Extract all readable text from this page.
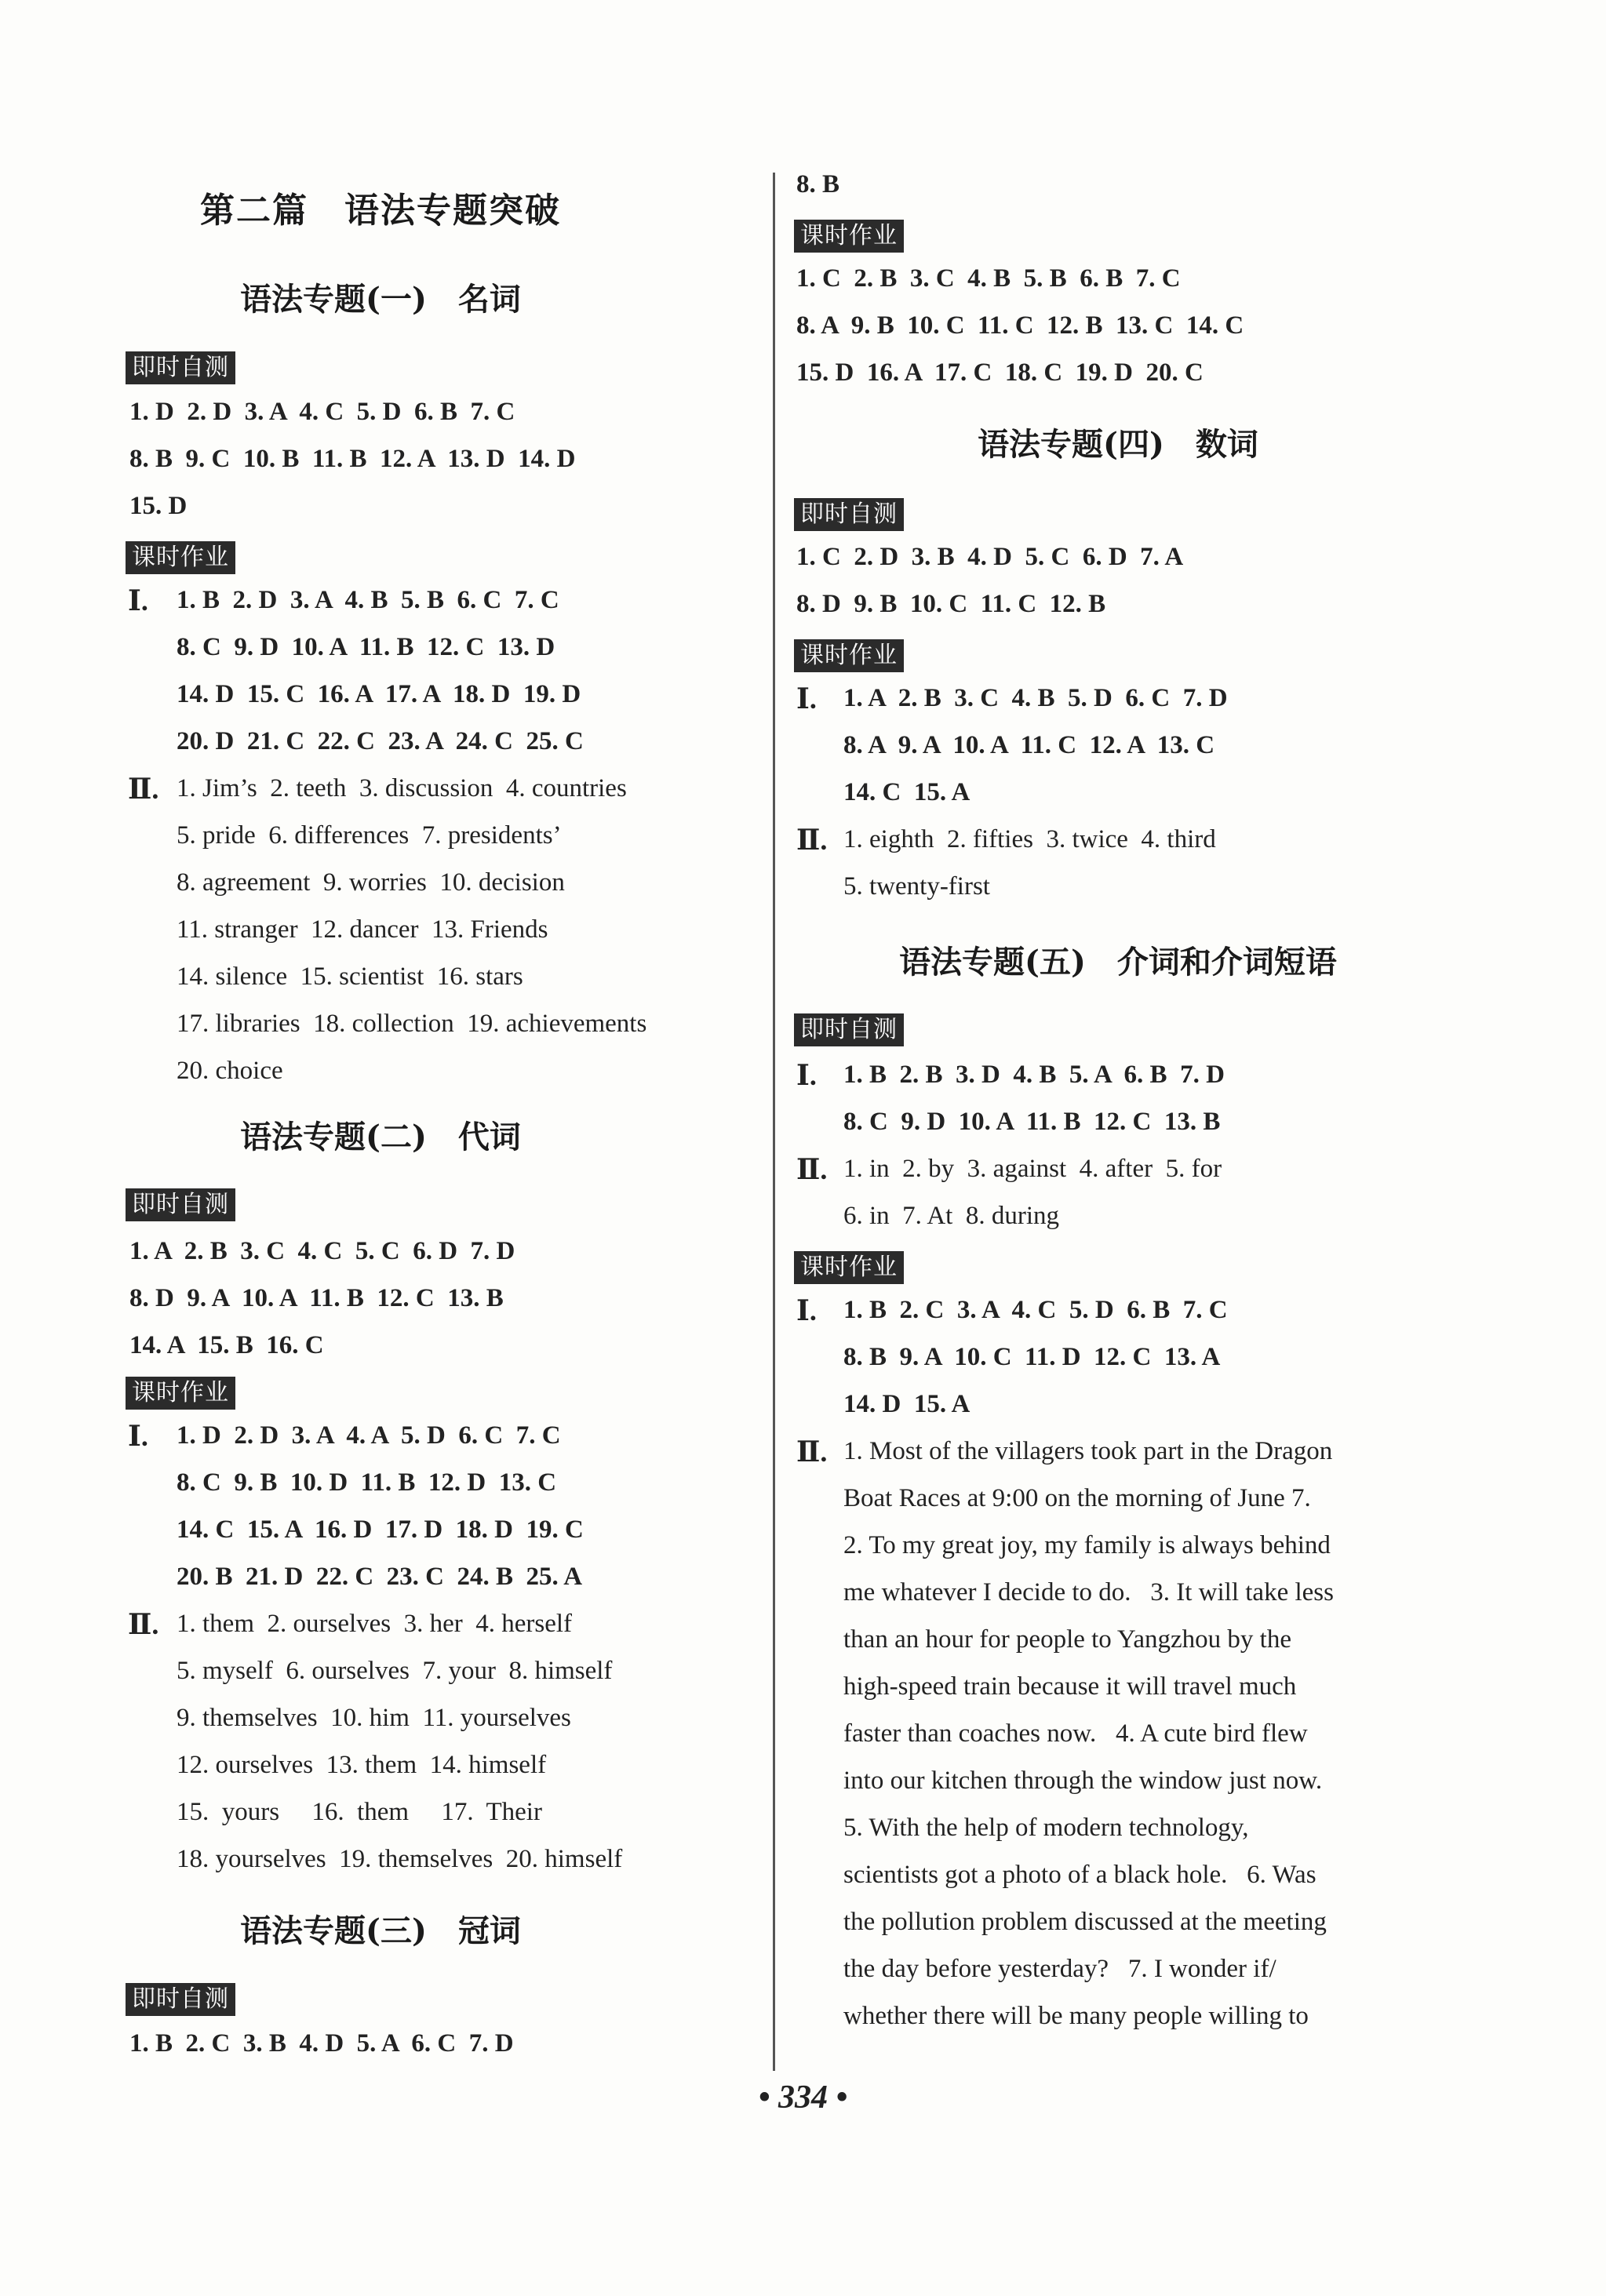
第二篇　语法专题突破
语法专题(一)　名词
即时自测
1. D  2. D  3. A  4. C  5. D  6. B  7. C
8. B  9. C  10. B  11. B  12. A  13. D  14. D
15. D
课时作业
Ⅰ. 1. B  2. D  3. A  4. B  5. B  6. C  7. C
8. C  9. D  10. A  11. B  12. C  13. D
14. D  15. C  16. A  17. A  18. D  19. D
20. D  21. C  22. C  23. A  24. C  25. C
Ⅱ. 1. Jim’s  2. teeth  3. discussion  4. countries
5. pride  6. differences  7. presidents’
8. agreement  9. worries  10. decision
11. stranger  12. dancer  13. Friends
14. silence  15. scientist  16. stars
17. libraries  18. collection  19. achievements
20. choice
语法专题(二)　代词
即时自测
1. A  2. B  3. C  4. C  5. C  6. D  7. D
8. D  9. A  10. A  11. B  12. C  13. B
14. A  15. B  16. C
课时作业
Ⅰ. 1. D  2. D  3. A  4. A  5. D  6. C  7. C
8. C  9. B  10. D  11. B  12. D  13. C
14. C  15. A  16. D  17. D  18. D  19. C
20. B  21. D  22. C  23. C  24. B  25. A
Ⅱ. 1. them  2. ourselves  3. her  4. herself
5. myself  6. ourselves  7. your  8. himself
9. themselves  10. him  11. yourselves
12. ourselves  13. them  14. himself
15.  yours     16.  them     17.  Their
18. yourselves  19. themselves  20. himself
语法专题(三)　冠词
即时自测
1. B  2. C  3. B  4. D  5. A  6. C  7. D
8. B
课时作业
1. C  2. B  3. C  4. B  5. B  6. B  7. C
8. A  9. B  10. C  11. C  12. B  13. C  14. C
15. D  16. A  17. C  18. C  19. D  20. C
语法专题(四)　数词
即时自测
1. C  2. D  3. B  4. D  5. C  6. D  7. A
8. D  9. B  10. C  11. C  12. B
课时作业
Ⅰ. 1. A  2. B  3. C  4. B  5. D  6. C  7. D
8. A  9. A  10. A  11. C  12. A  13. C
14. C  15. A
Ⅱ. 1. eighth  2. fifties  3. twice  4. third
5. twenty-first
语法专题(五)　介词和介词短语
即时自测
Ⅰ. 1. B  2. B  3. D  4. B  5. A  6. B  7. D
8. C  9. D  10. A  11. B  12. C  13. B
Ⅱ. 1. in  2. by  3. against  4. after  5. for
6. in  7. At  8. during
课时作业
Ⅰ. 1. B  2. C  3. A  4. C  5. D  6. B  7. C
8. B  9. A  10. C  11. D  12. C  13. A
14. D  15. A
Ⅱ. 1. Most of the villagers took part in the Dragon
Boat Races at 9:00 on the morning of June 7.
2. To my great joy, my family is always behind
me whatever I decide to do.   3. It will take less
than an hour for people to Yangzhou by the
high-speed train because it will travel much
faster than coaches now.   4. A cute bird flew
into our kitchen through the window just now.
5. With the help of modern technology,
scientists got a photo of a black hole.   6. Was
the pollution problem discussed at the meeting
the day before yesterday?   7. I wonder if/
whether there will be many people willing to
• 334 •
